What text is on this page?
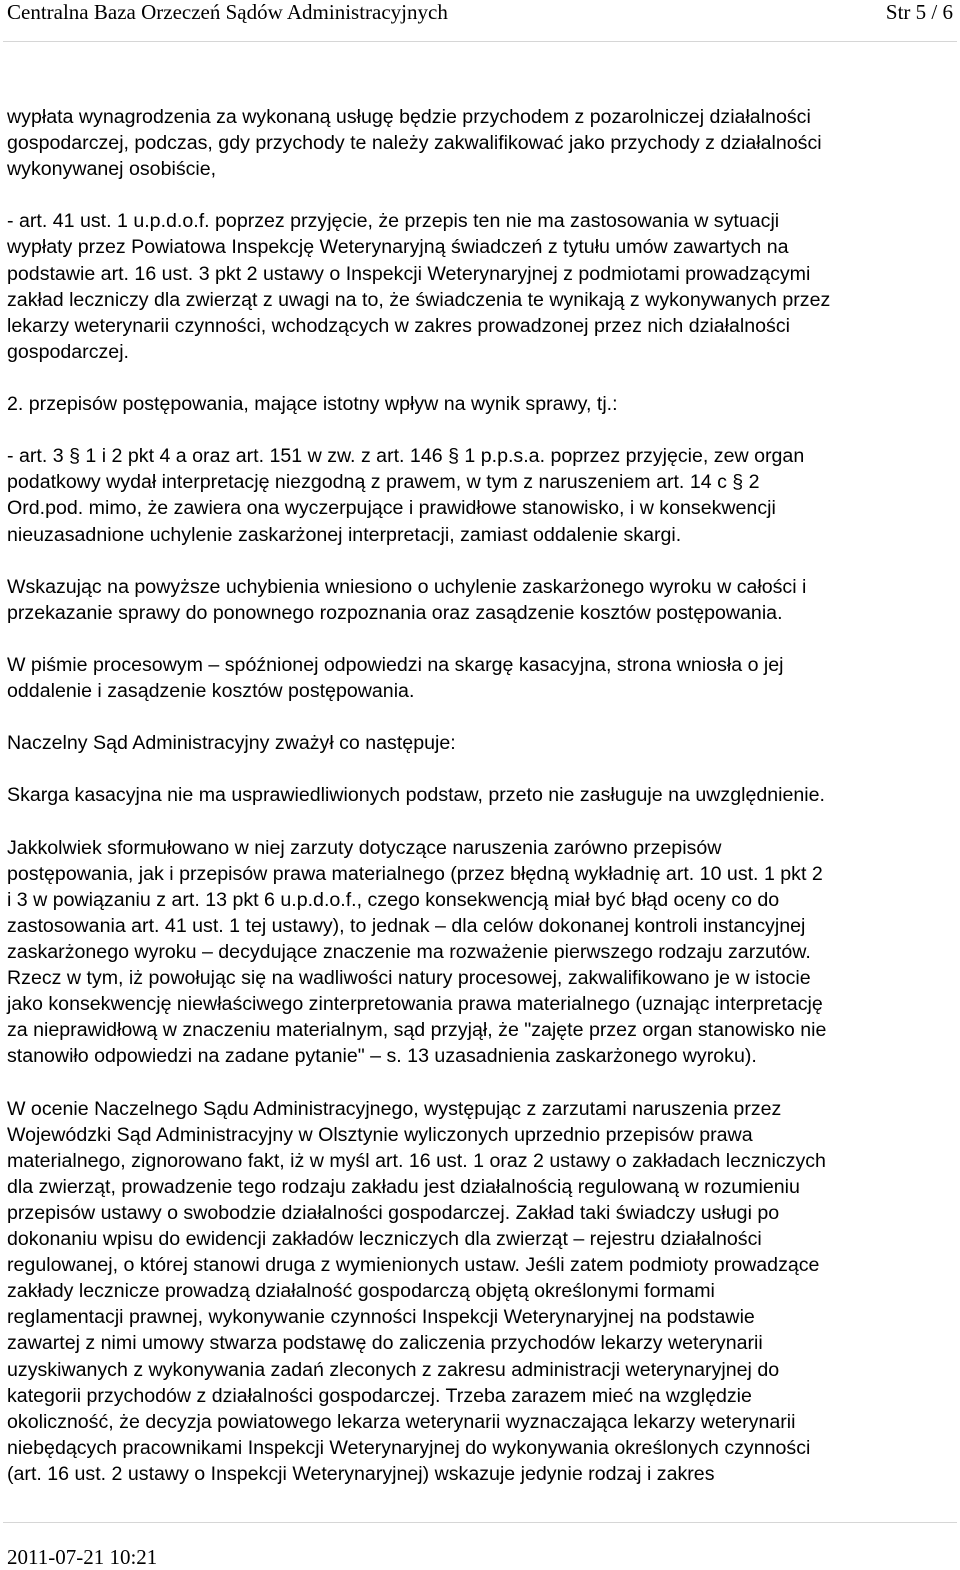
Centralna Baza Orzeczeń Sądów Administracyjnych	Str 5 / 6

wypłata wynagrodzenia za wykonaną usługę będzie przychodem z pozarolniczej działalności
gospodarczej, podczas, gdy przychody te należy zakwalifikować jako przychody z działalności
wykonywanej osobiście,

- art. 41 ust. 1 u.p.d.o.f. poprzez przyjęcie, że przepis ten nie ma zastosowania w sytuacji
wypłaty przez Powiatowa Inspekcję Weterynaryjną świadczeń z tytułu umów zawartych na
podstawie art. 16 ust. 3 pkt 2 ustawy o Inspekcji Weterynaryjnej z podmiotami prowadzącymi
zakład leczniczy dla zwierząt z uwagi na to, że świadczenia te wynikają z wykonywanych przez
lekarzy weterynarii czynności, wchodzących w zakres prowadzonej przez nich działalności
gospodarczej.

2. przepisów postępowania, mające istotny wpływ na wynik sprawy, tj.:

- art. 3 § 1 i 2 pkt 4 a oraz art. 151 w zw. z art. 146 § 1 p.p.s.a. poprzez przyjęcie, zew organ
podatkowy wydał interpretację niezgodną z prawem, w tym z naruszeniem art. 14 c § 2
Ord.pod. mimo, że zawiera ona wyczerpujące i prawidłowe stanowisko, i w konsekwencji
nieuzasadnione uchylenie zaskarżonej interpretacji, zamiast oddalenie skargi.

Wskazując na powyższe uchybienia wniesiono o uchylenie zaskarżonego wyroku w całości i
przekazanie sprawy do ponownego rozpoznania oraz zasądzenie kosztów postępowania.

W piśmie procesowym – spóźnionej odpowiedzi na skargę kasacyjna, strona wniosła o jej
oddalenie i zasądzenie kosztów postępowania.

Naczelny Sąd Administracyjny zważył co następuje:

Skarga kasacyjna nie ma usprawiedliwionych podstaw, przeto nie zasługuje na uwzględnienie.

Jakkolwiek sformułowano w niej zarzuty dotyczące naruszenia zarówno przepisów
postępowania, jak i przepisów prawa materialnego (przez błędną wykładnię art. 10 ust. 1 pkt 2
i 3 w powiązaniu z art. 13 pkt 6 u.p.d.o.f., czego konsekwencją miał być błąd oceny co do
zastosowania art. 41 ust. 1 tej ustawy), to jednak – dla celów dokonanej kontroli instancyjnej
zaskarżonego wyroku – decydujące znaczenie ma rozważenie pierwszego rodzaju zarzutów.
Rzecz w tym, iż powołując się na wadliwości natury procesowej, zakwalifikowano je w istocie
jako konsekwencję niewłaściwego zinterpretowania prawa materialnego (uznając interpretację
za nieprawidłową w znaczeniu materialnym, sąd przyjął, że "zajęte przez organ stanowisko nie
stanowiło odpowiedzi na zadane pytanie" – s. 13 uzasadnienia zaskarżonego wyroku).

W ocenie Naczelnego Sądu Administracyjnego, występując z zarzutami naruszenia przez
Wojewódzki Sąd Administracyjny w Olsztynie wyliczonych uprzednio przepisów prawa
materialnego, zignorowano fakt, iż w myśl art. 16 ust. 1 oraz 2 ustawy o zakładach leczniczych
dla zwierząt, prowadzenie tego rodzaju zakładu jest działalnością regulowaną w rozumieniu
przepisów ustawy o swobodzie działalności gospodarczej. Zakład taki świadczy usługi po
dokonaniu wpisu do ewidencji zakładów leczniczych dla zwierząt – rejestru działalności
regulowanej, o której stanowi druga z wymienionych ustaw. Jeśli zatem podmioty prowadzące
zakłady lecznicze prowadzą działalność gospodarczą objętą określonymi formami
reglamentacji prawnej, wykonywanie czynności Inspekcji Weterynaryjnej na podstawie
zawartej z nimi umowy stwarza podstawę do zaliczenia przychodów lekarzy weterynarii
uzyskiwanych z wykonywania zadań zleconych z zakresu administracji weterynaryjnej do
kategorii przychodów z działalności gospodarczej. Trzeba zarazem mieć na względzie
okoliczność, że decyzja powiatowego lekarza weterynarii wyznaczająca lekarzy weterynarii
niebędących pracownikami Inspekcji Weterynaryjnej do wykonywania określonych czynności
(art. 16 ust. 2 ustawy o Inspekcji Weterynaryjnej) wskazuje jedynie rodzaj i zakres

2011-07-21 10:21
